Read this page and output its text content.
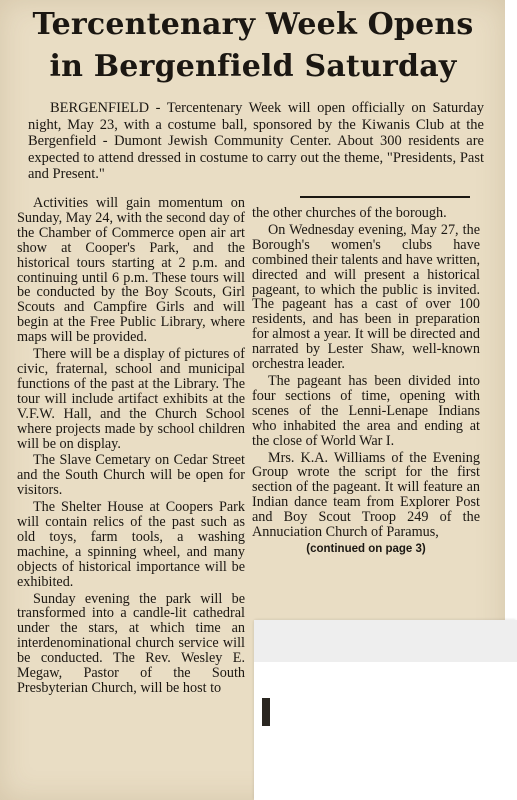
Tercentenary Week Opens
in Bergenfield Saturday

BERGENFIELD - Tercentenary Week will open officially on Saturday night, May 23, with a costume ball, sponsored by the Kiwanis Club at the Bergenfield - Dumont Jewish Community Center. About 300 residents are expected to attend dressed in costume to carry out the theme, "Presidents, Past and Present."

Activities will gain momentum on Sunday, May 24, with the second day of the Chamber of Commerce open air art show at Cooper's Park, and the historical tours starting at 2 p.m. and continuing until 6 p.m. These tours will be conducted by the Boy Scouts, Girl Scouts and Campfire Girls and will begin at the Free Public Library, where maps will be provided.

There will be a display of pictures of civic, fraternal, school and municipal functions of the past at the Library. The tour will include artifact exhibits at the V.F.W. Hall, and the Church School where projects made by school children will be on display.

The Slave Cemetary on Cedar Street and the South Church will be open for visitors.

The Shelter House at Coopers Park will contain relics of the past such as old toys, farm tools, a washing machine, a spinning wheel, and many objects of historical importance will be exhibited.

Sunday evening the park will be transformed into a candle-lit cathedral under the stars, at which time an interdenominational church service will be conducted. The Rev. Wesley E. Megaw, Pastor of the South Presbyterian Church, will be host to

the other churches of the borough.

On Wednesday evening, May 27, the Borough's women's clubs have combined their talents and have written, directed and will present a historical pageant, to which the public is invited. The pageant has a cast of over 100 residents, and has been in preparation for almost a year. It will be directed and narrated by Lester Shaw, well-known orchestra leader.

The pageant has been divided into four sections of time, opening with scenes of the Lenni-Lenape Indians who inhabited the area and ending at the close of World War I.

Mrs. K.A. Williams of the Evening Group wrote the script for the first section of the pageant. It will feature an Indian dance team from Explorer Post and Boy Scout Troop 249 of the Annuciation Church of Paramus,

(continued on page 3)
